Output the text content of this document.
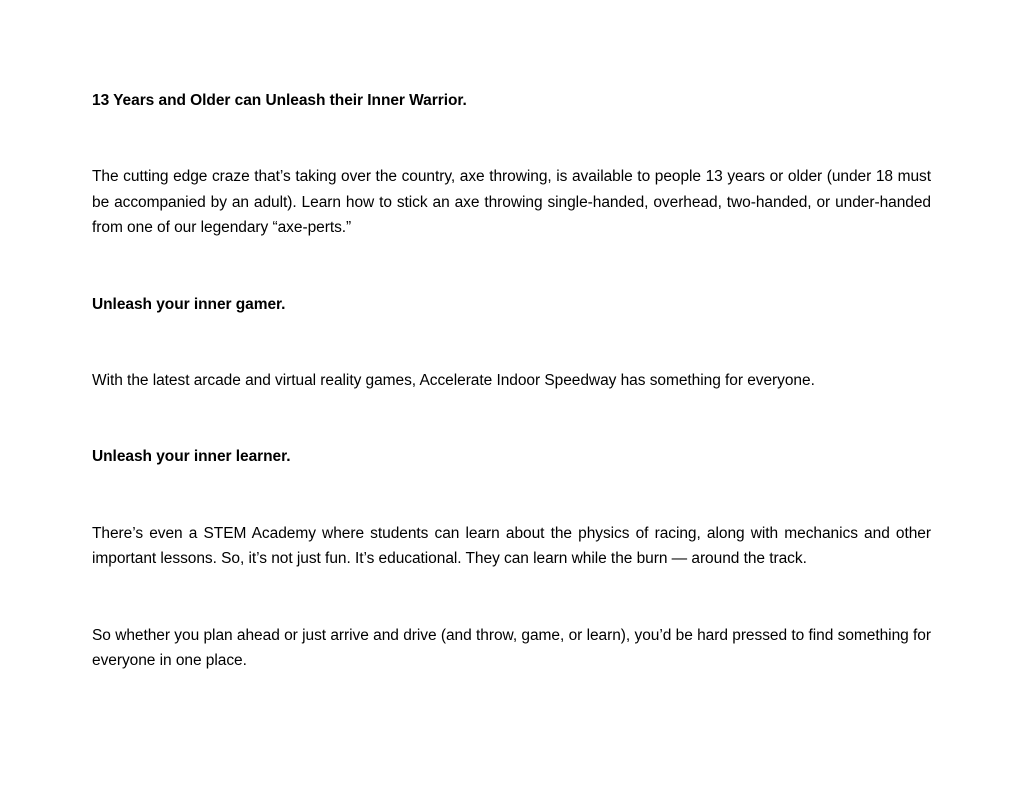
13 Years and Older can Unleash their Inner Warrior.
The cutting edge craze that’s taking over the country, axe throwing, is available to people 13 years or older (under 18 must be accompanied by an adult). Learn how to stick an axe throwing single-handed, overhead, two-handed, or under-handed from one of our legendary “axe-perts.”
Unleash your inner gamer.
With the latest arcade and virtual reality games, Accelerate Indoor Speedway has something for everyone.
Unleash your inner learner.
There’s even a STEM Academy where students can learn about the physics of racing, along with mechanics and other important lessons. So, it’s not just fun. It’s educational. They can learn while the burn — around the track.
So whether you plan ahead or just arrive and drive (and throw, game, or learn), you’d be hard pressed to find something for everyone in one place.
